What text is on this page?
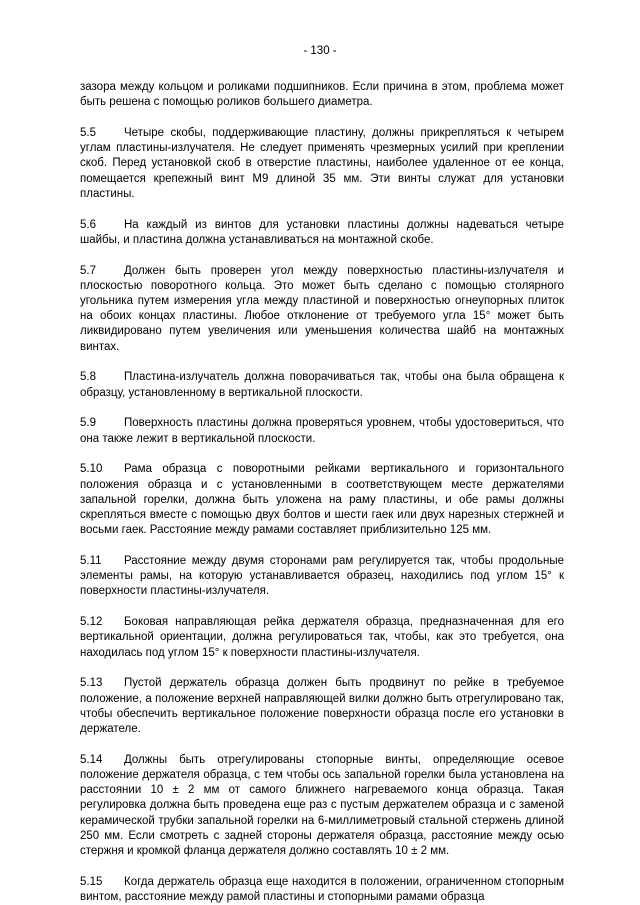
- 130 -

зазора между кольцом и роликами подшипников. Если причина в этом, проблема может быть решена с помощью роликов большего диаметра.

5.5 Четыре скобы, поддерживающие пластину, должны прикрепляться к четырем углам пластины-излучателя. Не следует применять чрезмерных усилий при креплении скоб. Перед установкой скоб в отверстие пластины, наиболее удаленное от ее конца, помещается крепежный винт M9 длиной 35 мм. Эти винты служат для установки пластины.

5.6 На каждый из винтов для установки пластины должны надеваться четыре шайбы, и пластина должна устанавливаться на монтажной скобе.

5.7 Должен быть проверен угол между поверхностью пластины-излучателя и плоскостью поворотного кольца. Это может быть сделано с помощью столярного угольника путем измерения угла между пластиной и поверхностью огнеупорных плиток на обоих концах пластины. Любое отклонение от требуемого угла 15° может быть ликвидировано путем увеличения или уменьшения количества шайб на монтажных винтах.

5.8 Пластина-излучатель должна поворачиваться так, чтобы она была обращена к образцу, установленному в вертикальной плоскости.

5.9 Поверхность пластины должна проверяться уровнем, чтобы удостовериться, что она также лежит в вертикальной плоскости.

5.10 Рама образца с поворотными рейками вертикального и горизонтального положения образца и с установленными в соответствующем месте держателями запальной горелки, должна быть уложена на раму пластины, и обе рамы должны скрепляться вместе с помощью двух болтов и шести гаек или двух нарезных стержней и восьми гаек. Расстояние между рамами составляет приблизительно 125 мм.

5.11 Расстояние между двумя сторонами рам регулируется так, чтобы продольные элементы рамы, на которую устанавливается образец, находились под углом 15° к поверхности пластины-излучателя.

5.12 Боковая направляющая рейка держателя образца, предназначенная для его вертикальной ориентации, должна регулироваться так, чтобы, как это требуется, она находилась под углом 15° к поверхности пластины-излучателя.

5.13 Пустой держатель образца должен быть продвинут по рейке в требуемое положение, а положение верхней направляющей вилки должно быть отрегулировано так, чтобы обеспечить вертикальное положение поверхности образца после его установки в держателе.

5.14 Должны быть отрегулированы стопорные винты, определяющие осевое положение держателя образца, с тем чтобы ось запальной горелки была установлена на расстоянии 10 ± 2 мм от самого ближнего нагреваемого конца образца. Такая регулировка должна быть проведена еще раз с пустым держателем образца и с заменой керамической трубки запальной горелки на 6-миллиметровый стальной стержень длиной 250 мм. Если смотреть с задней стороны держателя образца, расстояние между осью стержня и кромкой фланца держателя должно составлять 10 ± 2 мм.

5.15 Когда держатель образца еще находится в положении, ограниченном стопорным винтом, расстояние между рамой пластины и стопорными рамами образца
